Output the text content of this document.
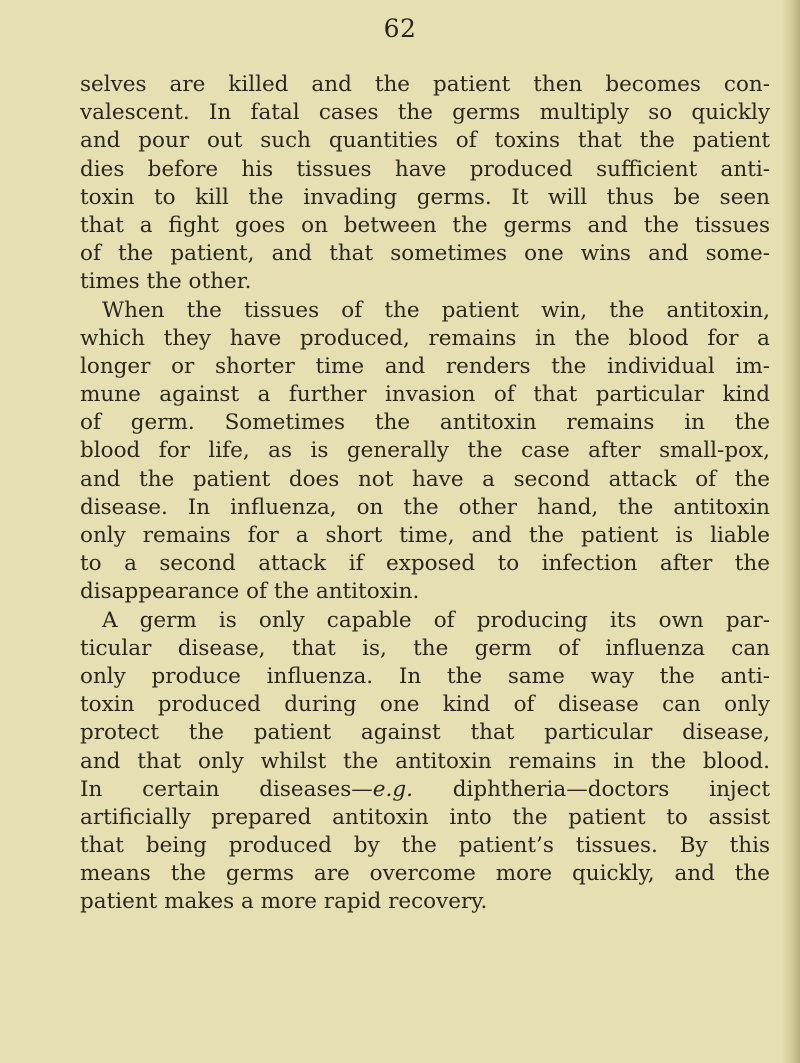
62
selves are killed and the patient then becomes con-
valescent. In fatal cases the germs multiply so quickly
and pour out such quantities of toxins that the patient
dies before his tissues have produced sufficient anti-
toxin to kill the invading germs. It will thus be seen
that a fight goes on between the germs and the tissues
of the patient, and that sometimes one wins and some-
times the other.
When the tissues of the patient win, the antitoxin,
which they have produced, remains in the blood for a
longer or shorter time and renders the individual im-
mune against a further invasion of that particular kind
of germ. Sometimes the antitoxin remains in the
blood for life, as is generally the case after small-pox,
and the patient does not have a second attack of the
disease. In influenza, on the other hand, the antitoxin
only remains for a short time, and the patient is liable
to a second attack if exposed to infection after the
disappearance of the antitoxin.
A germ is only capable of producing its own par-
ticular disease, that is, the germ of influenza can
only produce influenza. In the same way the anti-
toxin produced during one kind of disease can only
protect the patient against that particular disease,
and that only whilst the antitoxin remains in the blood.
In certain diseases—e.g. diphtheria—doctors inject
artificially prepared antitoxin into the patient to assist
that being produced by the patient’s tissues. By this
means the germs are overcome more quickly, and the
patient makes a more rapid recovery.
